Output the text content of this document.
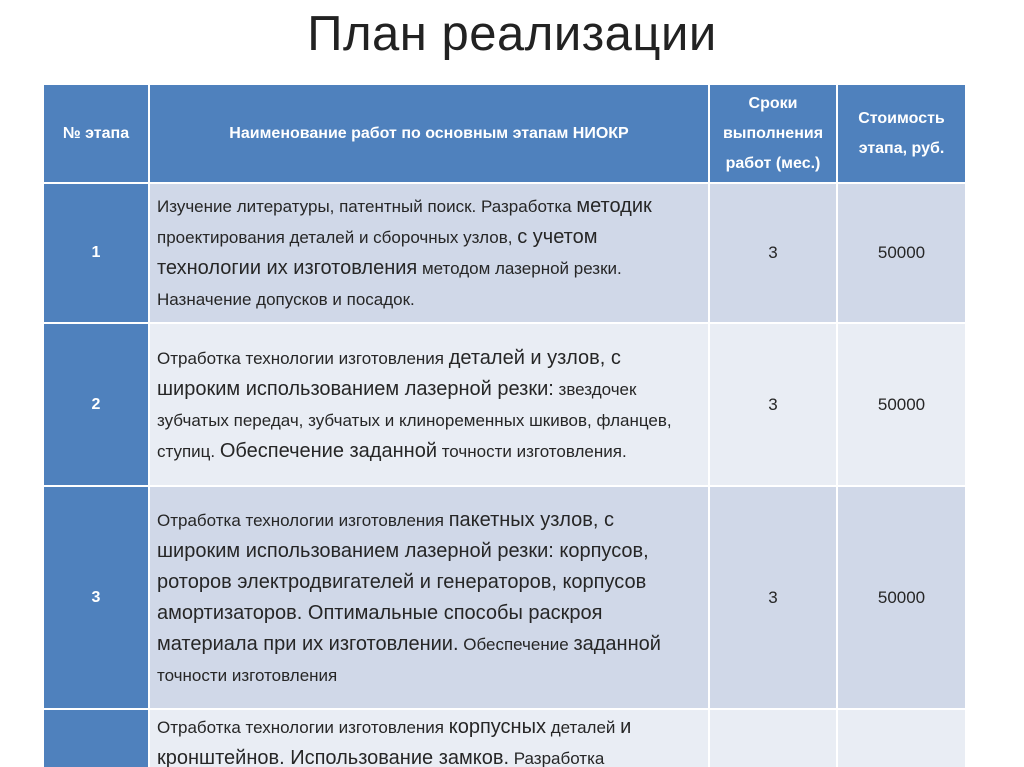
План реализации
№ этапа	Наименование работ по основным этапам НИОКР	Сроки выполнения работ (мес.)	Стоимость этапа, руб.
1	Изучение литературы, патентный поиск. Разработка методик проектирования деталей и сборочных узлов, с учетом технологии их изготовления методом лазерной резки. Назначение допусков и посадок.	3	50000
2	Отработка технологии изготовления деталей и узлов, с широким использованием лазерной резки: звездочек зубчатых передач, зубчатых и клиноременных шкивов, фланцев, ступиц. Обеспечение заданной точности изготовления.	3	50000
3	Отработка технологии изготовления пакетных узлов, с широким использованием лазерной резки: корпусов, роторов электродвигателей и генераторов, корпусов амортизаторов. Оптимальные способы раскроя материала при их изготовлении. Обеспечение заданной точности изготовления	3	50000

	Отработка технологии изготовления корпусных деталей и кронштейнов. Использование замков. Разработка		
